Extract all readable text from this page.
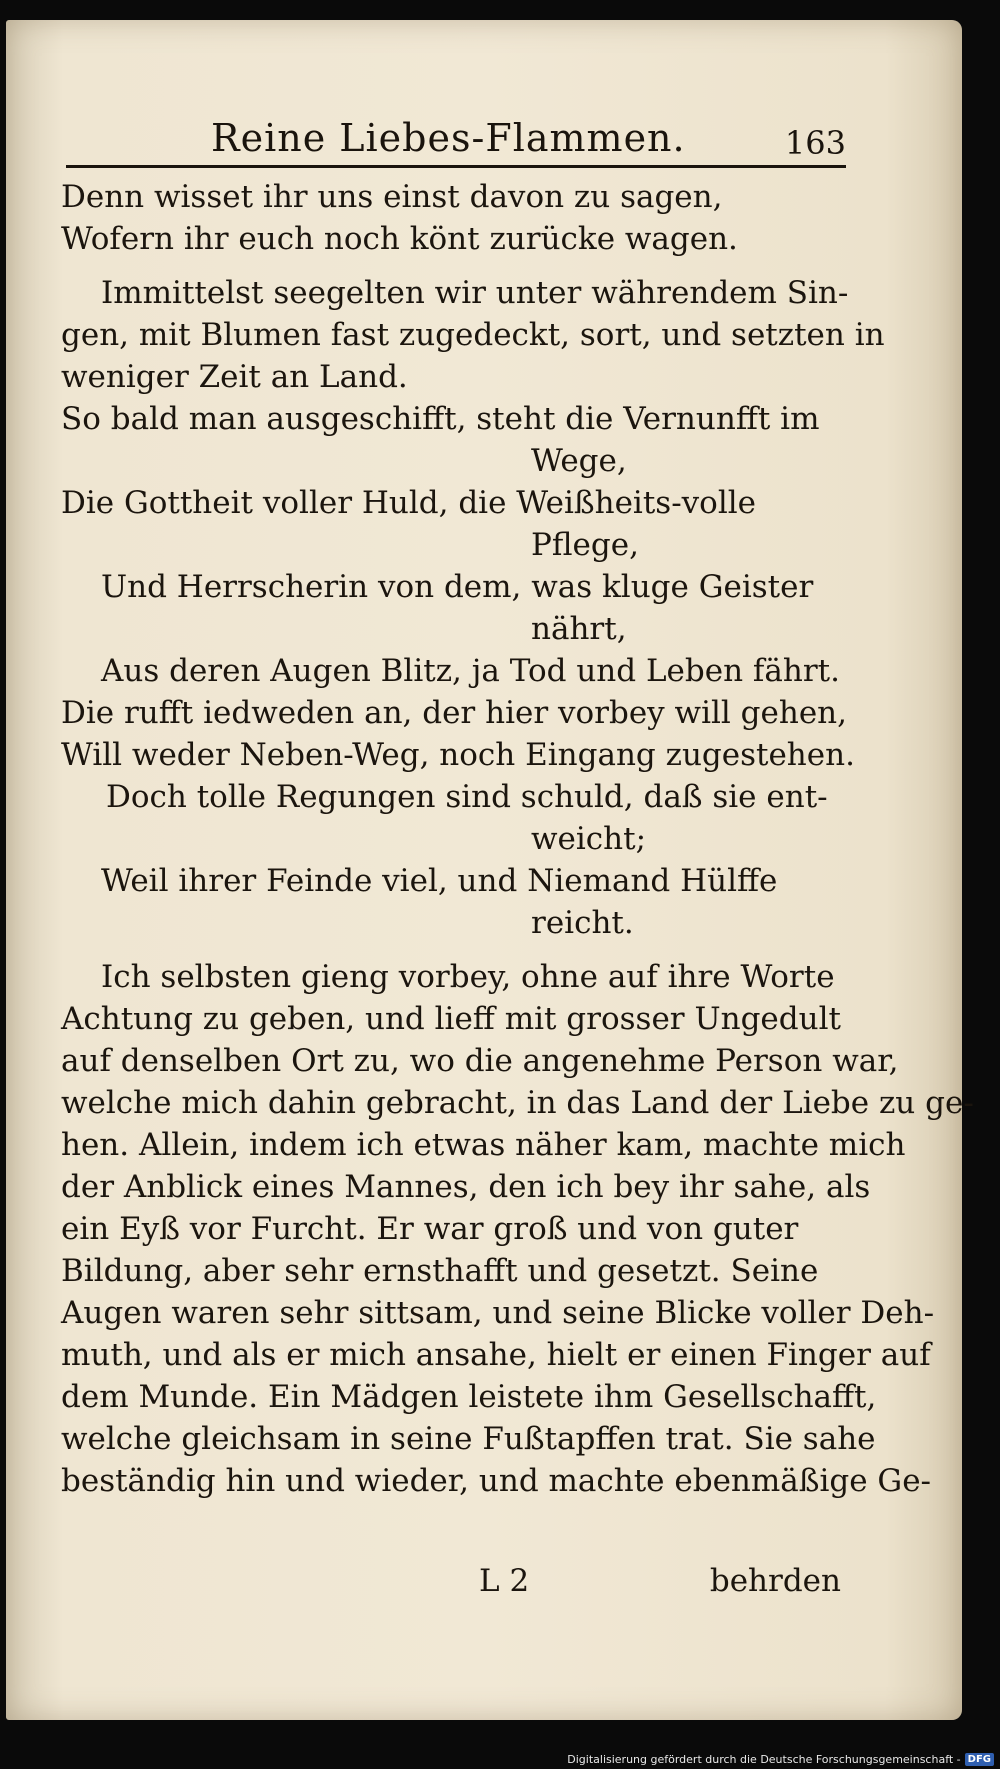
Reine Liebes-Flammen.	163
Denn wisset ihr uns einst davon zu sagen,
Wofern ihr euch noch könt zurücke wagen.
Immittelst seegelten wir unter währendem Sin-
gen, mit Blumen fast zugedeckt, sort, und setzten in
weniger Zeit an Land.
So bald man ausgeschifft, steht die Vernunfft im
Wege,
Die Gottheit voller Huld, die Weißheits-volle
Pflege,
Und Herrscherin von dem, was kluge Geister
nährt,
Aus deren Augen Blitz, ja Tod und Leben fährt.
Die rufft iedweden an, der hier vorbey will gehen,
Will weder Neben-Weg, noch Eingang zugestehen.
Doch tolle Regungen sind schuld, daß sie ent-
weicht;
Weil ihrer Feinde viel, und Niemand Hülffe
reicht.
Ich selbsten gieng vorbey, ohne auf ihre Worte
Achtung zu geben, und lieff mit grosser Ungedult
auf denselben Ort zu, wo die angenehme Person war,
welche mich dahin gebracht, in das Land der Liebe zu ge-
hen. Allein, indem ich etwas näher kam, machte mich
der Anblick eines Mannes, den ich bey ihr sahe, als
ein Eyß vor Furcht. Er war groß und von guter
Bildung, aber sehr ernsthafft und gesetzt. Seine
Augen waren sehr sittsam, und seine Blicke voller Deh-
muth, und als er mich ansahe, hielt er einen Finger auf
dem Munde. Ein Mädgen leistete ihm Gesellschafft,
welche gleichsam in seine Fußtapffen trat. Sie sahe
beständig hin und wieder, und machte ebenmäßige Ge-
L 2	behrden
Digitalisierung gefördert durch die Deutsche Forschungsgemeinschaft - DFG
